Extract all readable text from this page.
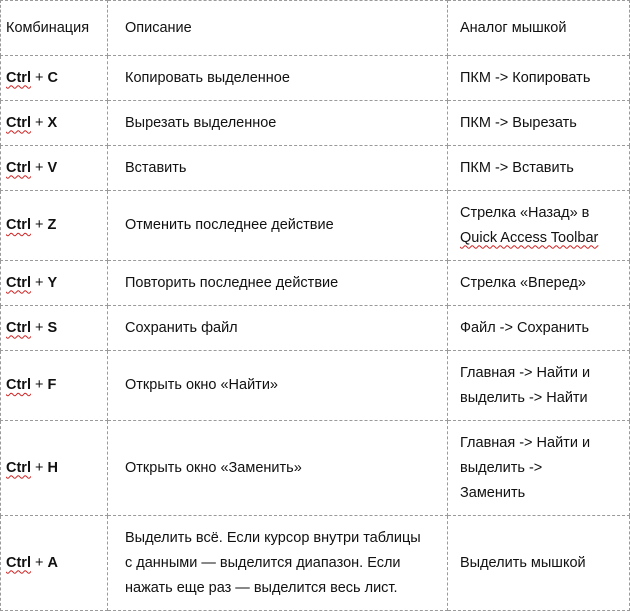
Комбинация	Описание	Аналог мышкой
Ctrl + C	Копировать выделенное	ПКМ -> Копировать
Ctrl + X	Вырезать выделенное	ПКМ -> Вырезать
Ctrl + V	Вставить	ПКМ -> Вставить
Ctrl + Z	Отменить последнее действие	Стрелка «Назад» в
Quick Access Toolbar

Ctrl + Y	Повторить последнее действие	Стрелка «Вперед»
Ctrl + S	Сохранить файл	Файл -> Сохранить
Ctrl + F	Открыть окно «Найти»	Главная -> Найти и
выделить -> Найти

Ctrl + H	Открыть окно «Заменить»	Главная -> Найти и
выделить ->
Заменить

Ctrl + A	Выделить всё. Если курсор внутри таблицы
с данными — выделится диапазон. Если
нажать еще раз — выделится весь лист.	Выделить мышкой
